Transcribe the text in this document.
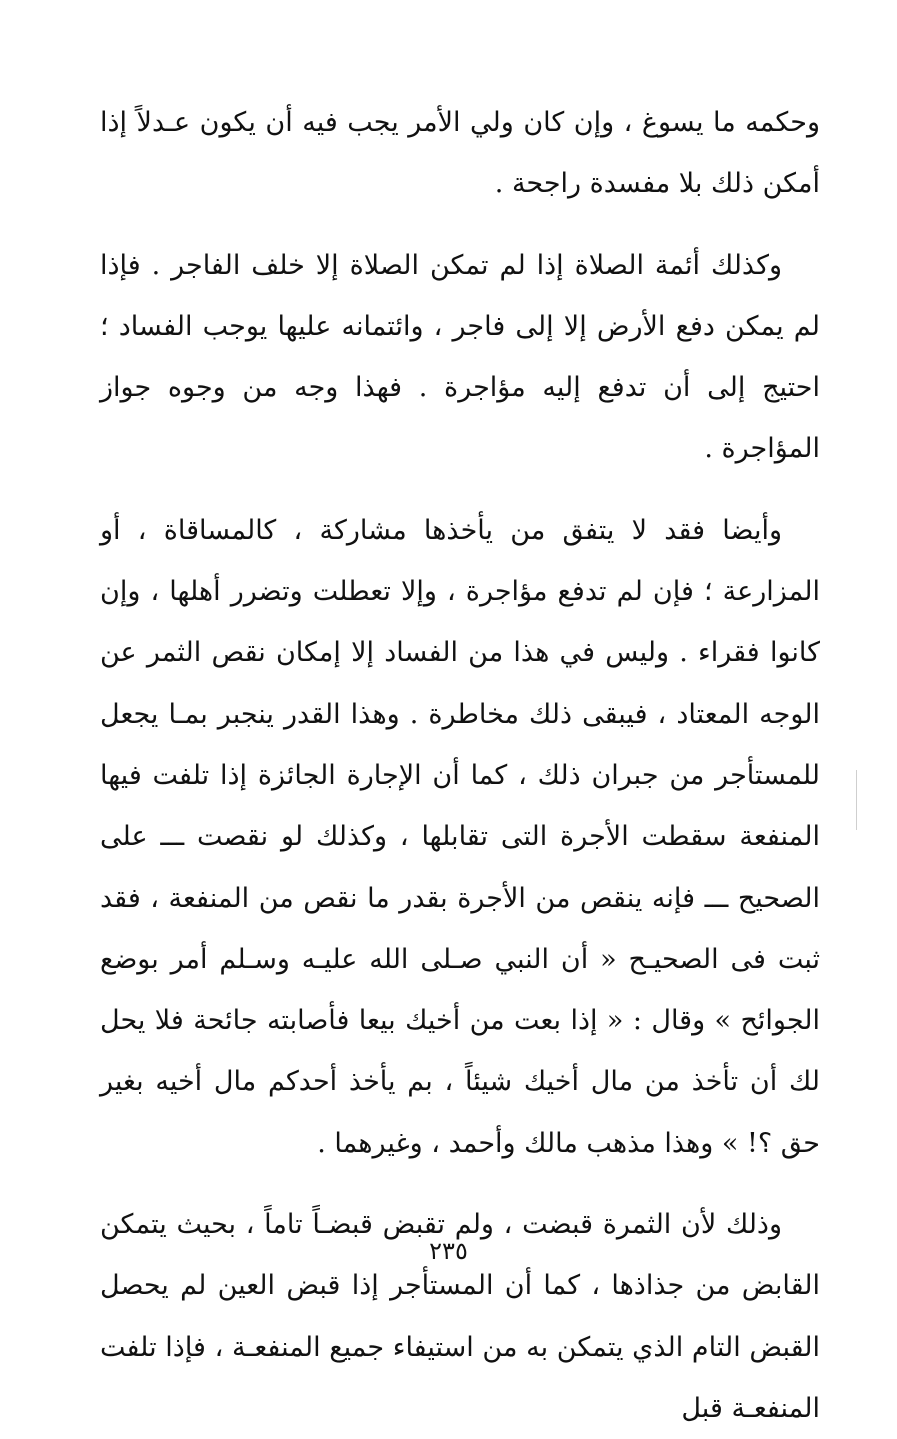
وحكمه ما يسوغ ، وإن كان ولي الأمر يجب فيه أن يكون عـدلاً إذا أمكن ذلك بلا مفسدة راجحة .

وكذلك أئمة الصلاة إذا لم تمكن الصلاة إلا خلف الفاجر . فإذا لم يمكن دفع الأرض إلا إلى فاجر ، وائتمانه عليها يوجب الفساد ؛ احتيج إلى أن تدفع إليه مؤاجرة . فهذا وجه من وجوه جواز المؤاجرة .

وأيضا فقد لا يتفق من يأخذها مشاركة ، كالمساقاة ، أو المزارعة ؛ فإن لم تدفع مؤاجرة ، وإلا تعطلت وتضرر أهلها ، وإن كانوا فقراء . وليس في هذا من الفساد إلا إمكان نقص الثمر عن الوجه المعتاد ، فيبقى ذلك مخاطرة . وهذا القدر ينجبر بمـا يجعل للمستأجر من جبران ذلك ، كما أن الإجارة الجائزة إذا تلفت فيها المنفعة سقطت الأجرة التى تقابلها ، وكذلك لو نقصت ـــ على الصحيح ـــ فإنه ينقص من الأجرة بقدر ما نقص من المنفعة ، فقد ثبت فى الصحيـح « أن النبي صـلى الله عليـه وسـلم أمر بوضع الجوائح » وقال : « إذا بعت من أخيك بيعا فأصابته جائحة فلا يحل لك أن تأخذ من مال أخيك شيئاً ، بم يأخذ أحدكم مال أخيه بغير حق ؟! » وهذا مذهب مالك وأحمد ، وغيرهما .

وذلك لأن الثمرة قبضت ، ولم تقبض قبضـاً تاماً ، بحيث يتمكن القابض من جذاذها ، كما أن المستأجر إذا قبض العين لم يحصل القبض التام الذي يتمكن به من استيفاء جميع المنفعـة ، فإذا تلفت المنفعـة قبل

٢٣٥
